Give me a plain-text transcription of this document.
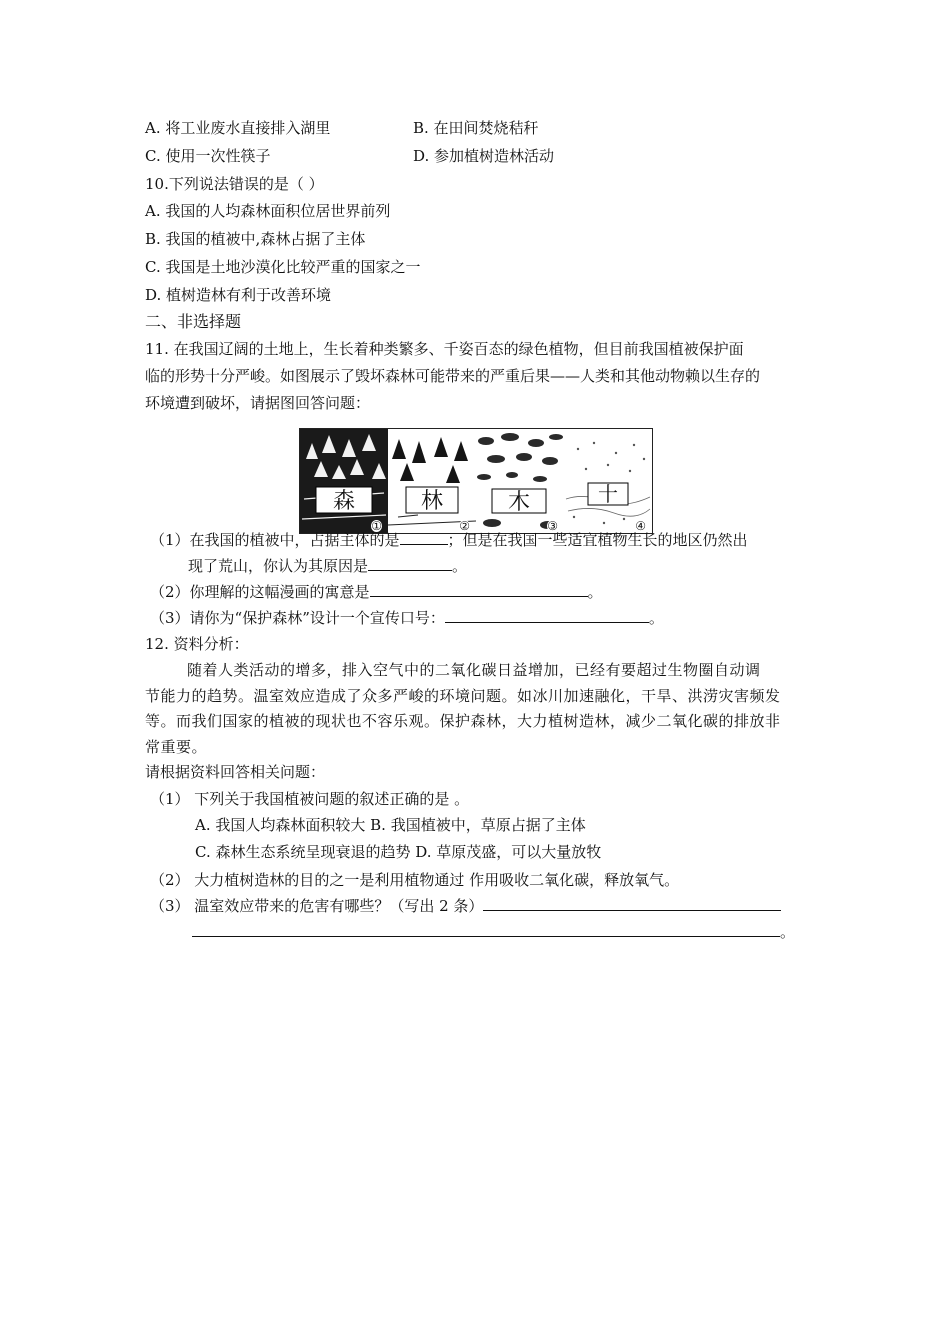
A. 将工业废水直接排入湖里	B. 在田间焚烧秸秆
C. 使用一次性筷子	D. 参加植树造林活动
10.下列说法错误的是（ ）
A. 我国的人均森林面积位居世界前列
B. 我国的植被中,森林占据了主体
C. 我国是土地沙漠化比较严重的国家之一
D. 植树造林有利于改善环境
二、非选择题
11. 在我国辽阔的土地上，生长着种类繁多、千姿百态的绿色植物，但目前我国植被保护面
临的形势十分严峻。如图展示了毁坏森林可能带来的严重后果——人类和其他动物赖以生存的
环境遭到破坏，请据图回答问题：
森
①
林
②
木
③
十
④
（1）在我国的植被中，占据主体的是	；但是在我国一些适宜植物生长的地区仍然出
现了荒山，你认为其原因是	。
（2）你理解的这幅漫画的寓意是	。
（3）请你为“保护森林”设计一个宣传口号：	。
12. 资料分析：
随着人类活动的增多，排入空气中的二氧化碳日益增加，已经有要超过生物圈自动调
节能力的趋势。温室效应造成了众多严峻的环境问题。如冰川加速融化，干旱、洪涝灾害频发
等。而我们国家的植被的现状也不容乐观。保护森林，大力植树造林，减少二氧化碳的排放非
常重要。
请根据资料回答相关问题：
（1） 下列关于我国植被问题的叙述正确的是 。
A. 我国人均森林面积较大 B. 我国植被中，草原占据了主体
C. 森林生态系统呈现衰退的趋势 D. 草原茂盛，可以大量放牧
（2） 大力植树造林的目的之一是利用植物通过 作用吸收二氧化碳，释放氧气。
（3） 温室效应带来的危害有哪些？（写出 2 条）
。
